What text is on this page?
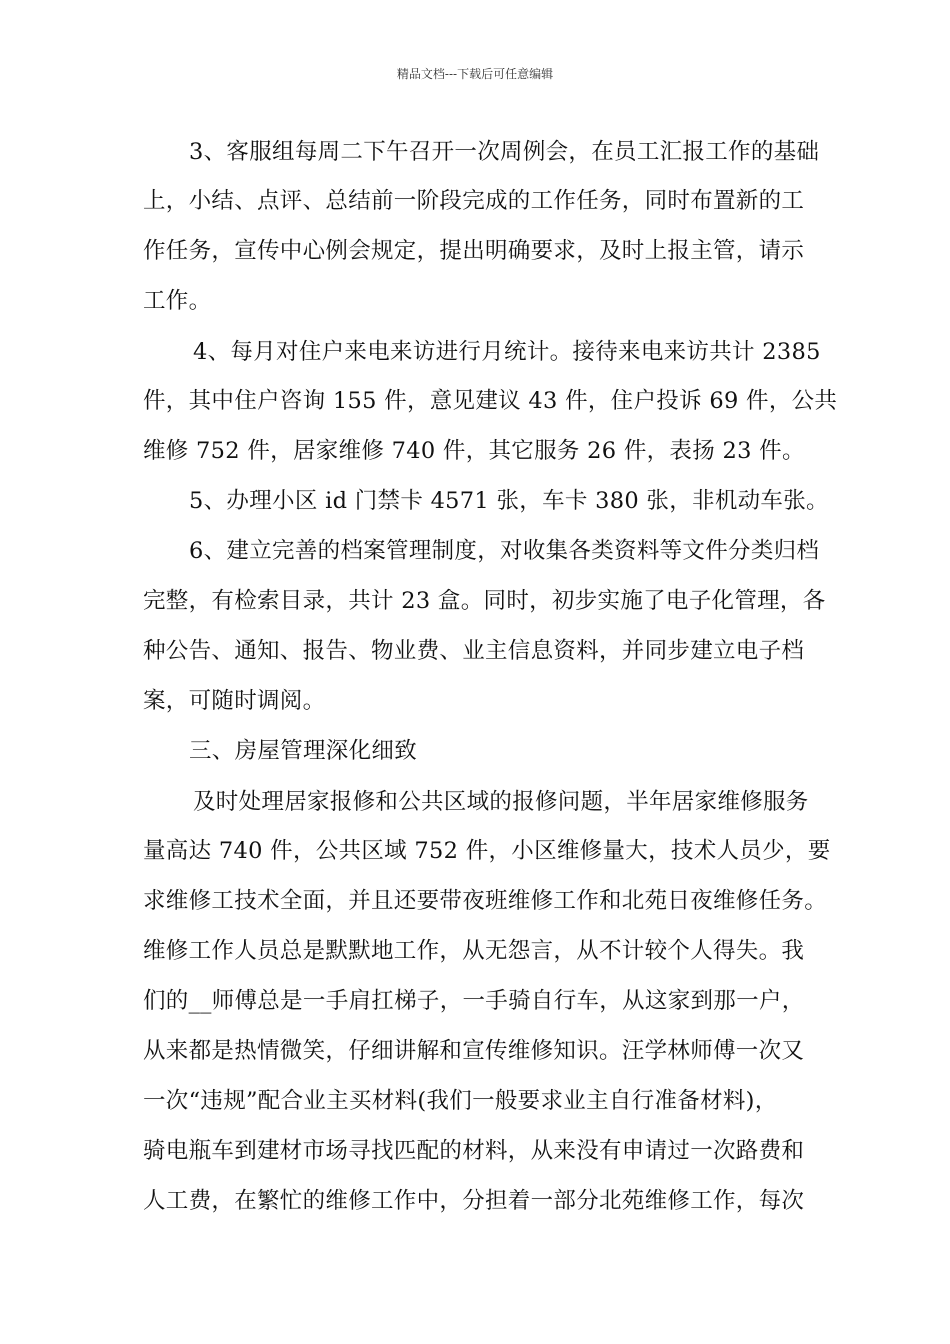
精品文档---下载后可任意编辑
3、客服组每周二下午召开一次周例会，在员工汇报工作的基础
上，小结、点评、总结前一阶段完成的工作任务，同时布置新的工
作任务，宣传中心例会规定，提出明确要求，及时上报主管，请示
工作。
4、每月对住户来电来访进行月统计。接待来电来访共计 2385
件，其中住户咨询 155 件，意见建议 43 件，住户投诉 69 件，公共
维修 752 件，居家维修 740 件，其它服务 26 件，表扬 23 件。
5、办理小区 id 门禁卡 4571 张，车卡 380 张，非机动车张。
6、建立完善的档案管理制度，对收集各类资料等文件分类归档
完整，有检索目录，共计 23 盒。同时，初步实施了电子化管理，各
种公告、通知、报告、物业费、业主信息资料，并同步建立电子档
案，可随时调阅。
三、房屋管理深化细致
及时处理居家报修和公共区域的报修问题，半年居家维修服务
量高达 740 件，公共区域 752 件，小区维修量大，技术人员少，要
求维修工技术全面，并且还要带夜班维修工作和北苑日夜维修任务。
维修工作人员总是默默地工作，从无怨言，从不计较个人得失。我
们的__师傅总是一手肩扛梯子，一手骑自行车，从这家到那一户，
从来都是热情微笑，仔细讲解和宣传维修知识。汪学林师傅一次又
一次“违规”配合业主买材料(我们一般要求业主自行准备材料)，
骑电瓶车到建材市场寻找匹配的材料，从来没有申请过一次路费和
人工费，在繁忙的维修工作中，分担着一部分北苑维修工作，每次
